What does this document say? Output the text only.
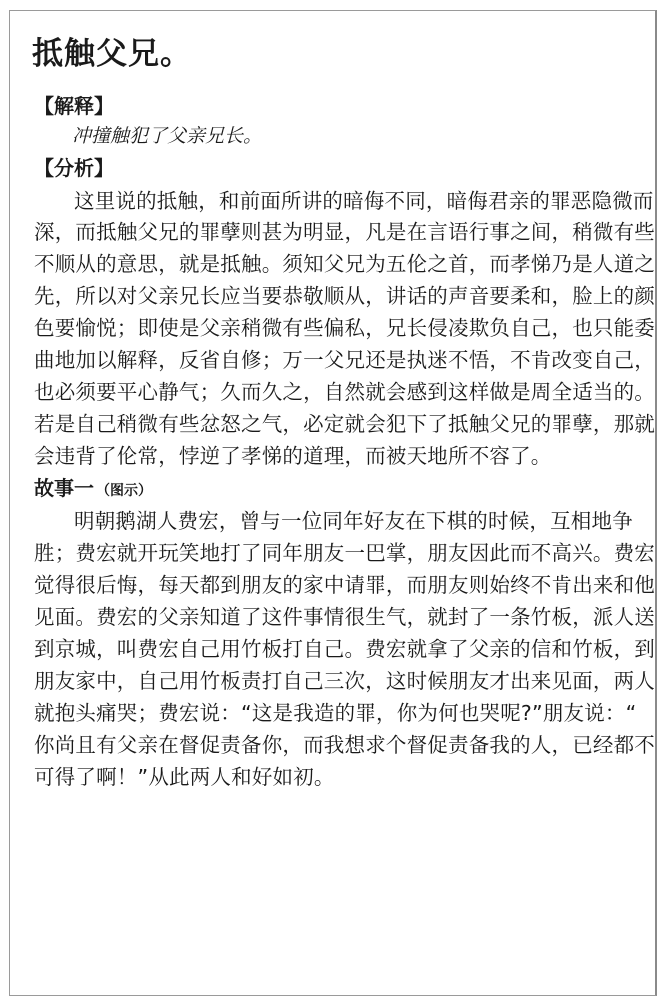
抵触父兄。
【解释】
冲撞触犯了父亲兄长。
【分析】
这里说的抵触，和前面所讲的暗侮不同，暗侮君亲的罪恶隐微而
深，而抵触父兄的罪孽则甚为明显，凡是在言语行事之间，稍微有些
不顺从的意思，就是抵触。须知父兄为五伦之首，而孝悌乃是人道之
先，所以对父亲兄长应当要恭敬顺从，讲话的声音要柔和，脸上的颜
色要愉悦；即使是父亲稍微有些偏私，兄长侵凌欺负自己，也只能委
曲地加以解释，反省自修；万一父兄还是执迷不悟，不肯改变自己，
也必须要平心静气；久而久之，自然就会感到这样做是周全适当的。
若是自己稍微有些忿怒之气，必定就会犯下了抵触父兄的罪孽，那就
会违背了伦常，悖逆了孝悌的道理，而被天地所不容了。
故事一 （图示）
明朝鹅湖人费宏，曾与一位同年好友在下棋的时候，互相地争
胜；费宏就开玩笑地打了同年朋友一巴掌，朋友因此而不高兴。费宏
觉得很后悔，每天都到朋友的家中请罪，而朋友则始终不肯出来和他
见面。费宏的父亲知道了这件事情很生气，就封了一条竹板，派人送
到京城，叫费宏自己用竹板打自己。费宏就拿了父亲的信和竹板，到
朋友家中，自己用竹板责打自己三次，这时候朋友才出来见面，两人
就抱头痛哭；费宏说：“这是我造的罪，你为何也哭呢?”朋友说：“
你尚且有父亲在督促责备你，而我想求个督促责备我的人，已经都不
可得了啊！”从此两人和好如初。
